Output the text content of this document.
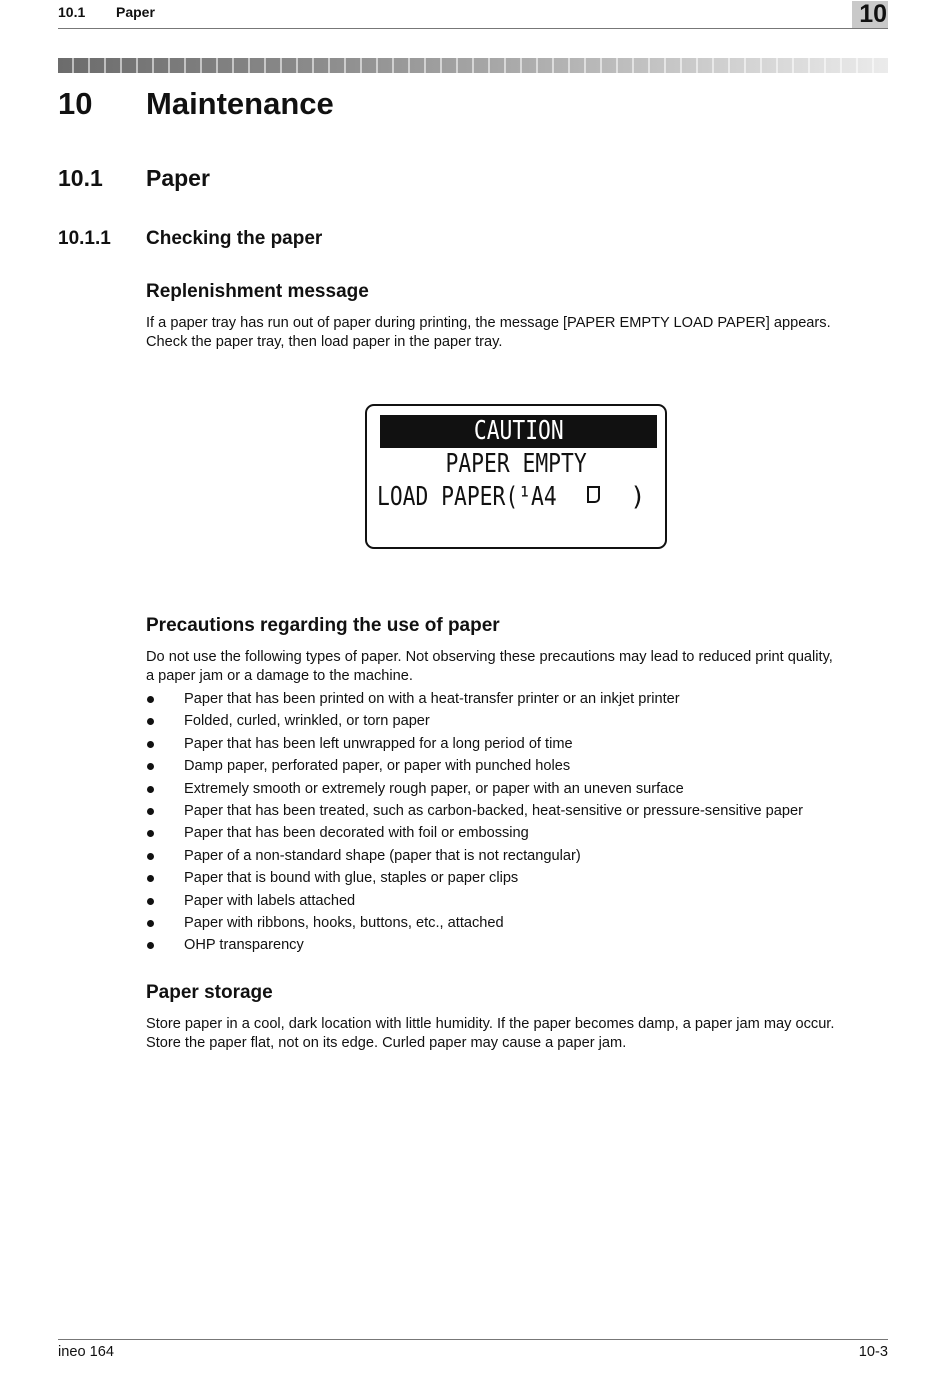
10.1 Paper	10
10 Maintenance
10.1 Paper
10.1.1 Checking the paper
Replenishment message

If a paper tray has run out of paper during printing, the message [PAPER EMPTY LOAD PAPER] appears.

Check the paper tray, then load paper in the paper tray.

CAUTION
PAPER EMPTY
LOAD PAPER(¹A4	)
Precautions regarding the use of paper

Do not use the following types of paper. Not observing these precautions may lead to reduced print quality,

a paper jam or a damage to the machine.

Paper that has been printed on with a heat-transfer printer or an inkjet printer
Folded, curled, wrinkled, or torn paper
Paper that has been left unwrapped for a long period of time
Damp paper, perforated paper, or paper with punched holes
Extremely smooth or extremely rough paper, or paper with an uneven surface
Paper that has been treated, such as carbon-backed, heat-sensitive or pressure-sensitive paper
Paper that has been decorated with foil or embossing
Paper of a non-standard shape (paper that is not rectangular)
Paper that is bound with glue, staples or paper clips
Paper with labels attached
Paper with ribbons, hooks, buttons, etc., attached
OHP transparency
Paper storage

Store paper in a cool, dark location with little humidity. If the paper becomes damp, a paper jam may occur.

Store the paper flat, not on its edge. Curled paper may cause a paper jam.

ineo 164	10-3
